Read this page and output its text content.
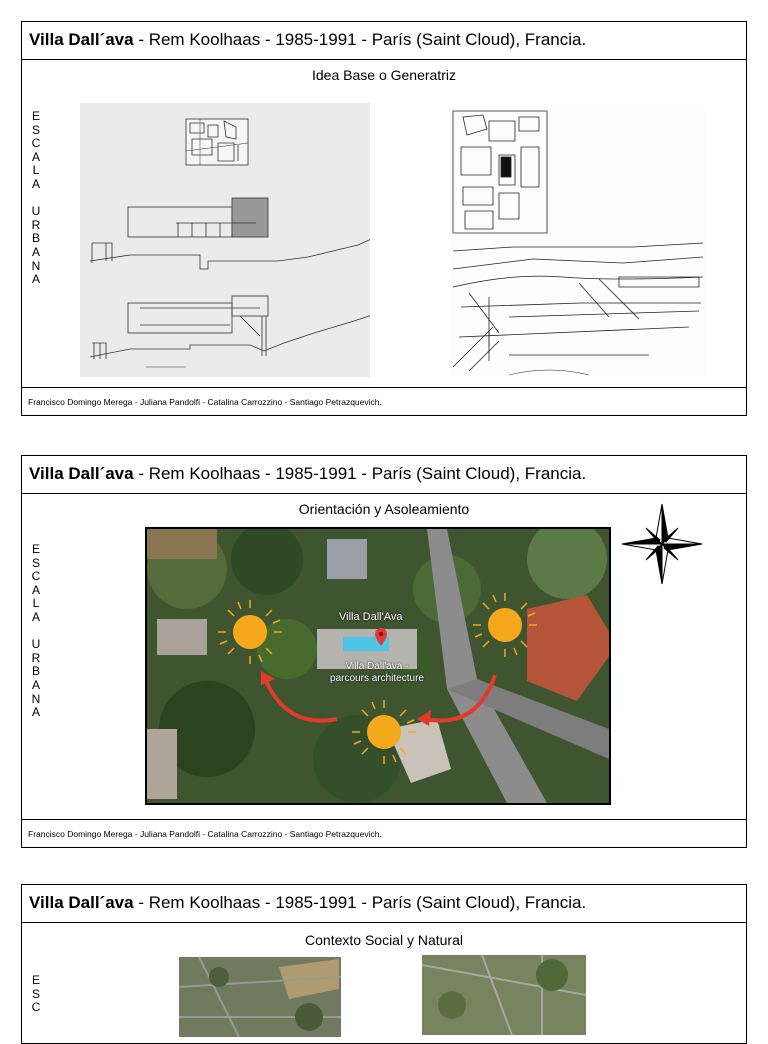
Villa Dall´ava - Rem Koolhaas - 1985-1991 - París (Saint Cloud), Francia.
Idea Base o Generatriz
E
S
C
A
L
A

U
R
B
A
N
A
Francisco Domingo Merega - Juliana Pandolfi - Catalina Carrozzino - Santiago Petrazquevich.
Villa Dall´ava - Rem Koolhaas - 1985-1991 - París (Saint Cloud), Francia.
Orientación y Asoleamiento
E
S
C
A
L
A

U
R
B
A
N
A
Villa Dall'Ava
Villa Dall'ava -
parcours architecture
Francisco Domingo Merega - Juliana Pandolfi - Catalina Carrozzino - Santiago Petrazquevich.
Villa Dall´ava - Rem Koolhaas - 1985-1991 - París (Saint Cloud), Francia.
Contexto Social y Natural
E
S
C
